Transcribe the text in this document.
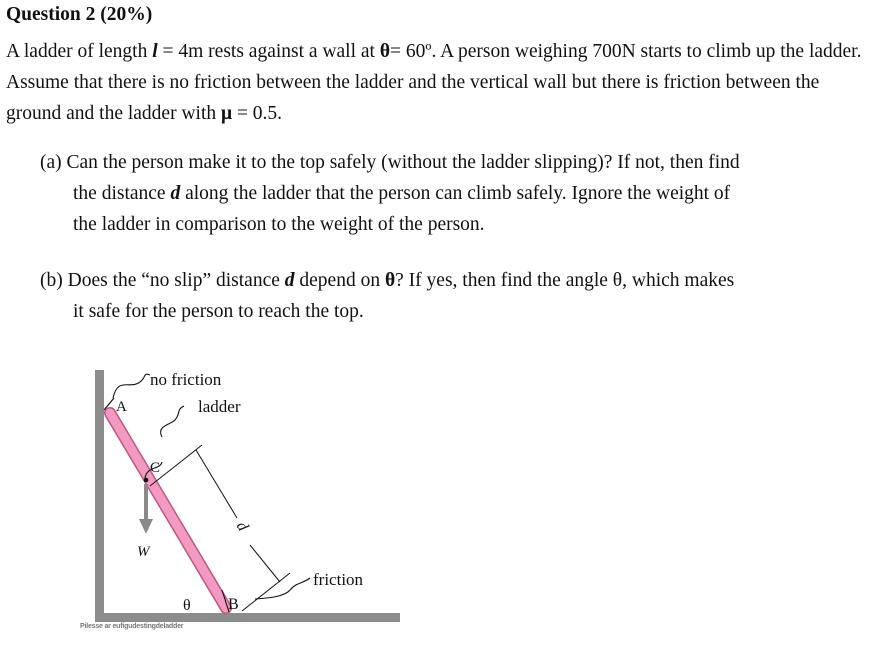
Question 2 (20%)
A ladder of length l = 4m rests against a wall at θ= 60º. A person weighing 700N starts to climb up the ladder. Assume that there is no friction between the ladder and the vertical wall but there is friction between the ground and the ladder with μ = 0.5.
(a) Can the person make it to the top safely (without the ladder slipping)? If not, then find
the distance d along the ladder that the person can climb safely. Ignore the weight of
the ladder in comparison to the weight of the person.
(b) Does the “no slip” distance d depend on θ? If yes, then find the angle θ, which makes
it safe for the person to reach the top.
A
no friction
ladder
C
W
d
θ B
friction
Pilesse ar eufigudestingdeladder
